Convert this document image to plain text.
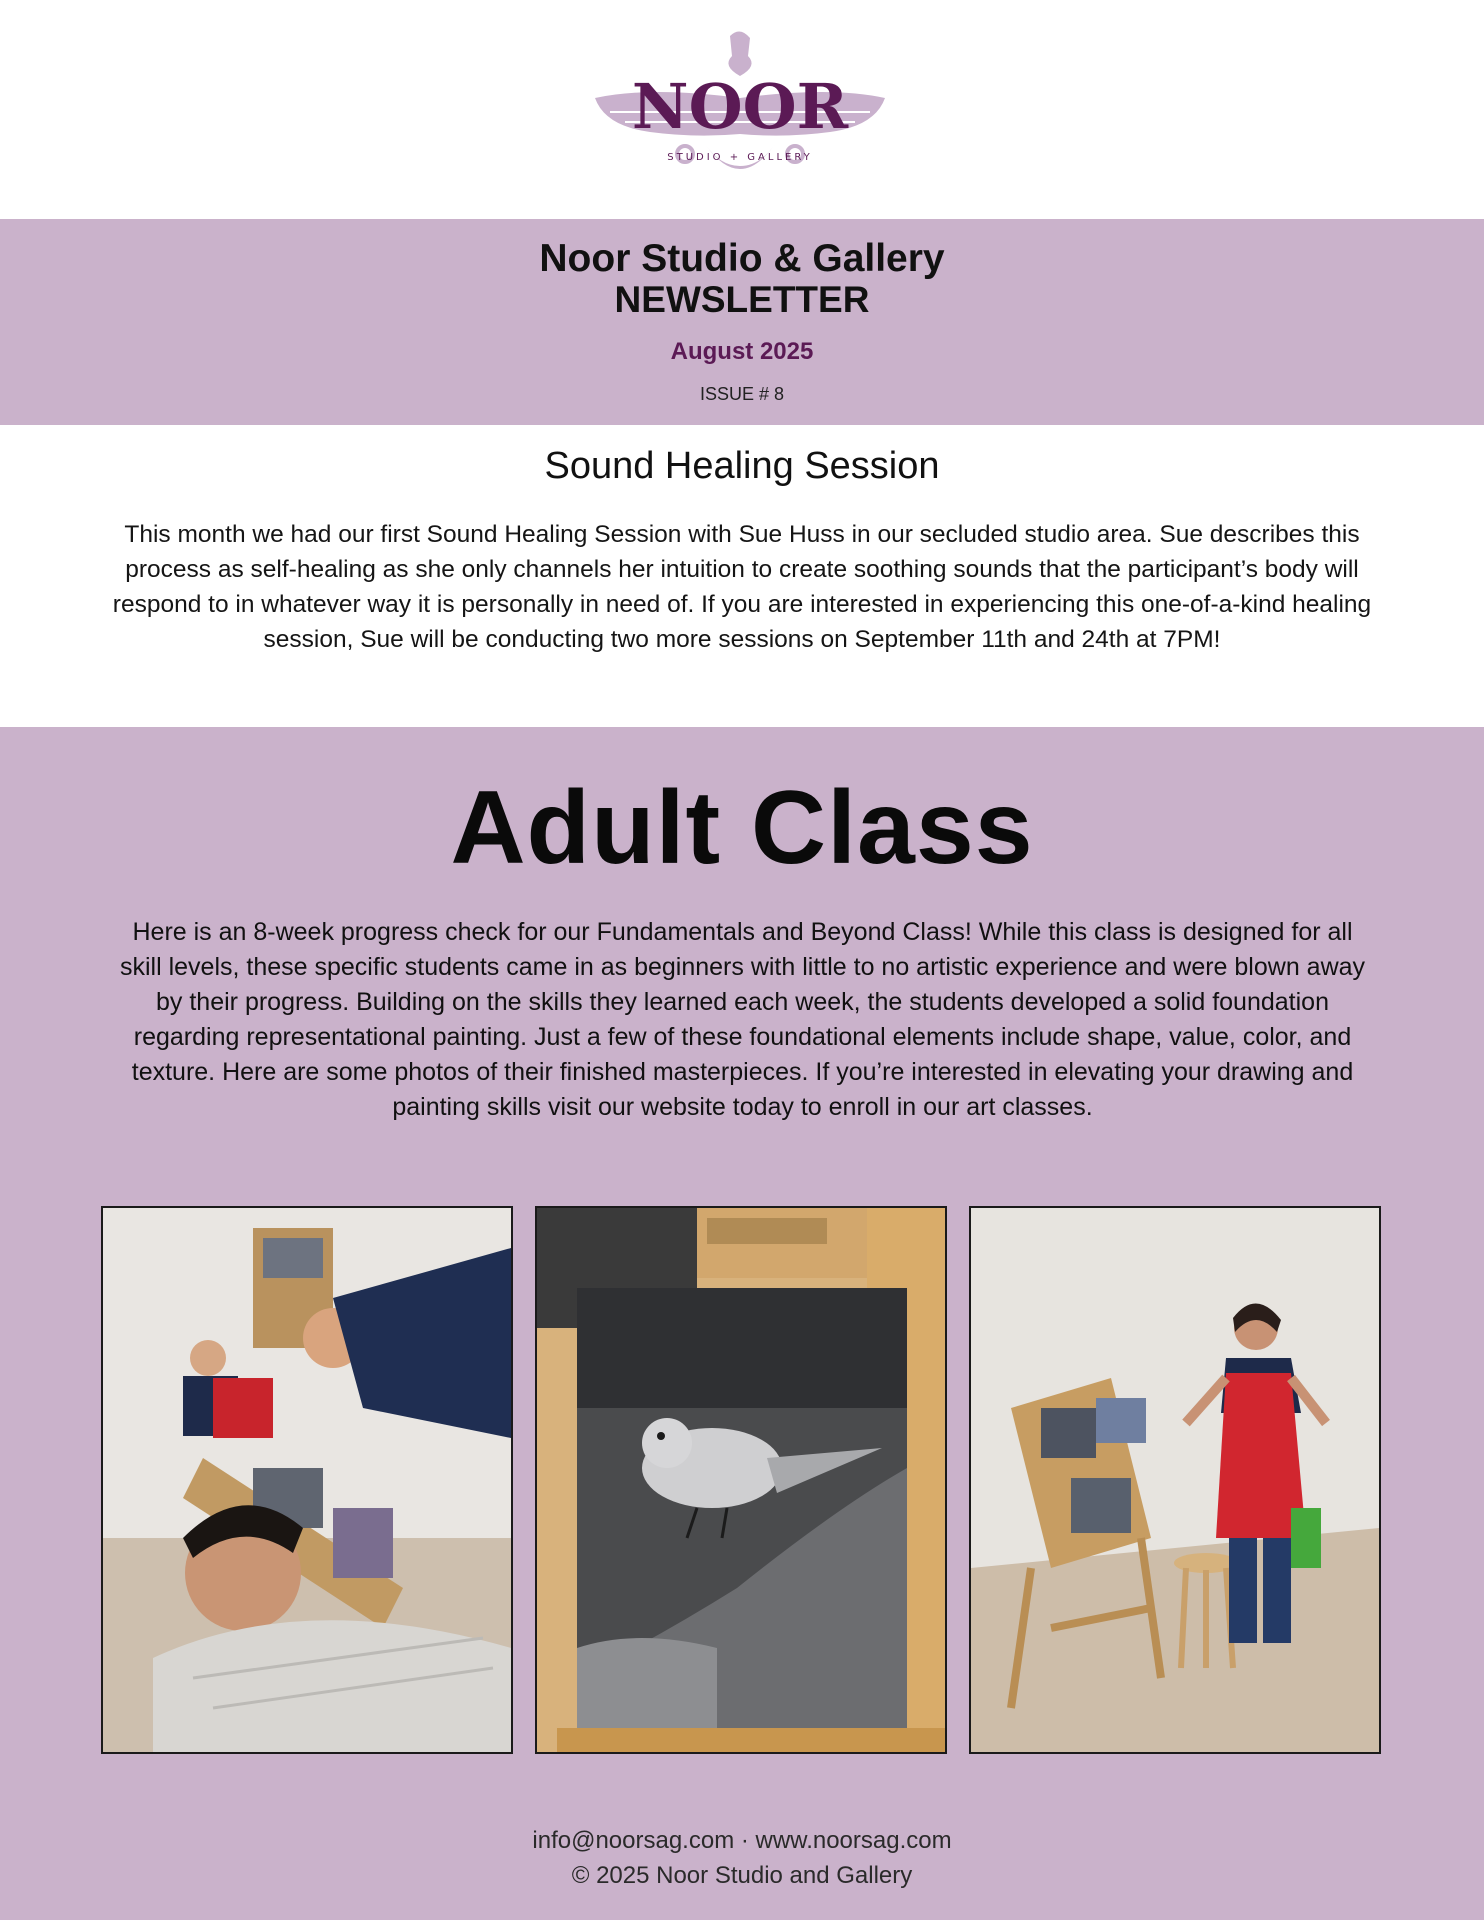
NOOR
STUDIO + GALLERY
Noor Studio & Gallery
NEWSLETTER
August 2025
ISSUE # 8
Sound Healing Session
This month we had our first Sound Healing Session with Sue Huss in our secluded studio area. Sue describes this process as self-healing as she only channels her intuition to create soothing sounds that the participant’s body will respond to in whatever way it is personally in need of. If you are interested in experiencing this one-of-a-kind healing session, Sue will be conducting two more sessions on September 11th and 24th at 7PM!
Adult Class
Here is an 8-week progress check for our Fundamentals and Beyond Class! While this class is designed for all skill levels, these specific students came in as beginners with little to no artistic experience and were blown away by their progress. Building on the skills they learned each week, the students developed a solid foundation regarding representational painting. Just a few of these foundational elements include shape, value, color, and texture. Here are some photos of their finished masterpieces. If you’re interested in elevating your drawing and painting skills visit our website today to enroll in our art classes.
info@noorsag.com · www.noorsag.com
© 2025 Noor Studio and Gallery
